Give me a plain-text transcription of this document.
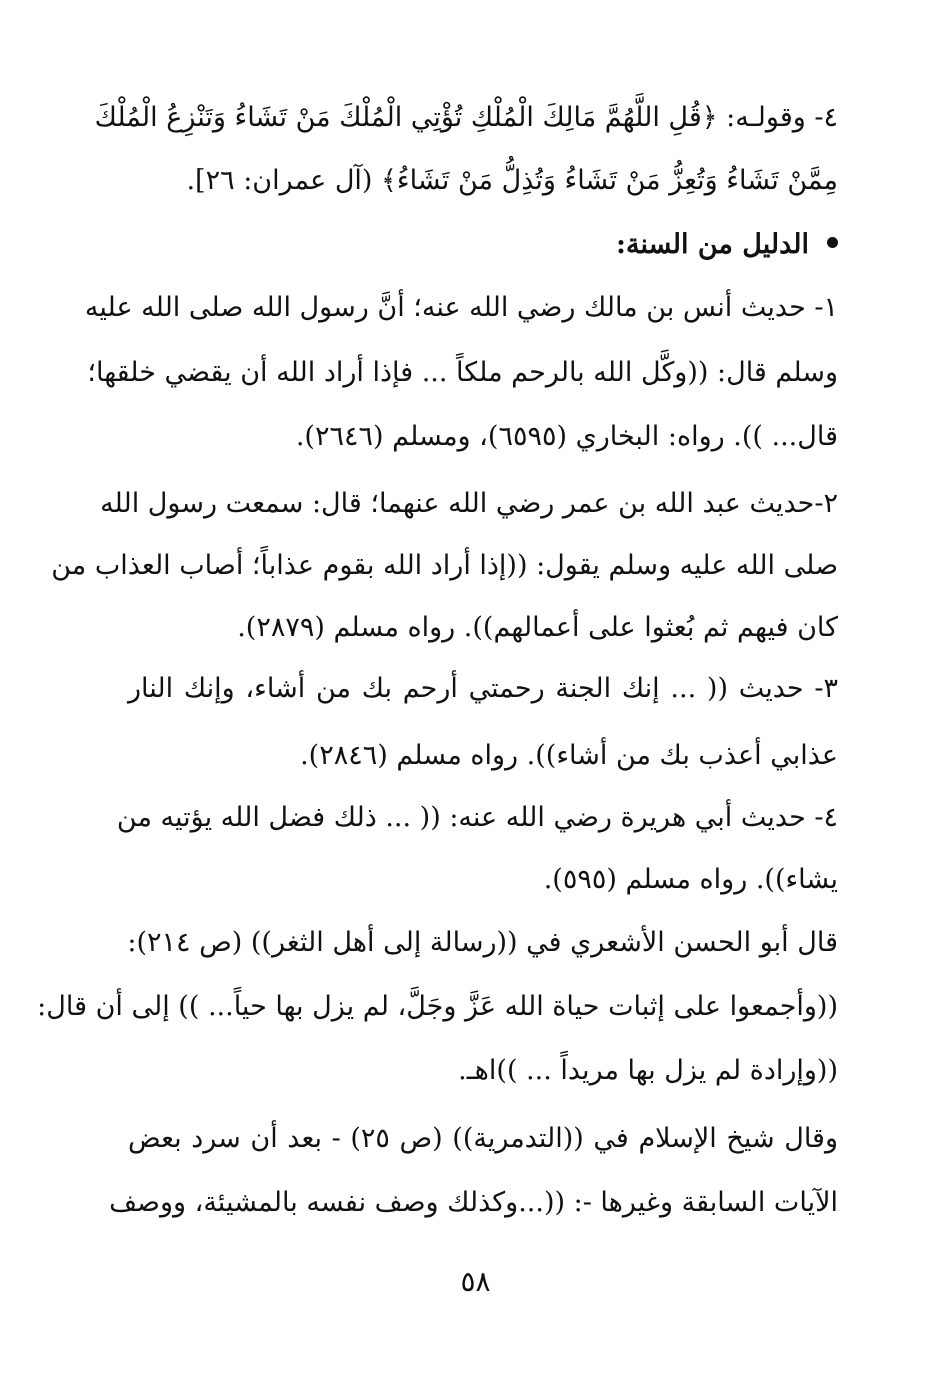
٤- وقولـه: ﴿قُلِ اللَّهُمَّ مَالِكَ الْمُلْكِ تُؤْتِي الْمُلْكَ مَنْ تَشَاءُ وَتَنْزِعُ الْمُلْكَ
مِمَّنْ تَشَاءُ وَتُعِزُّ مَنْ تَشَاءُ وَتُذِلُّ مَنْ تَشَاءُ﴾ (آل عمران: ٢٦].
الدليل من السنة:
١- حديث أنس بن مالك رضي الله عنه؛ أنَّ رسول الله صلى الله عليه
وسلم قال: ((وكَّل الله بالرحم ملكاً ... فإذا أراد الله أن يقضي خلقها؛
قال... )). رواه: البخاري (٦٥٩٥)، ومسلم (٢٦٤٦).
٢-حديث عبد الله بن عمر رضي الله عنهما؛ قال: سمعت رسول الله
صلى الله عليه وسلم يقول: ((إذا أراد الله بقوم عذاباً؛ أصاب العذاب من
كان فيهم ثم بُعثوا على أعمالهم)). رواه مسلم (٢٨٧٩).
٣- حديث (( ... إنك الجنة رحمتي أرحم بك من أشاء، وإنك النار
عذابي أعذب بك من أشاء)). رواه مسلم (٢٨٤٦).
٤- حديث أبي هريرة رضي الله عنه: (( ... ذلك فضل الله يؤتيه من
يشاء)). رواه مسلم (٥٩٥).
قال أبو الحسن الأشعري في ((رسالة إلى أهل الثغر)) (ص ٢١٤):
((وأجمعوا على إثبات حياة الله عَزَّ وجَلَّ، لم يزل بها حياً... )) إلى أن قال:
((وإرادة لم يزل بها مريداً ... ))اهـ.
وقال شيخ الإسلام في ((التدمرية)) (ص ٢٥) - بعد أن سرد بعض
الآيات السابقة وغيرها -: ((...وكذلك وصف نفسه بالمشيئة، ووصف
٥٨
